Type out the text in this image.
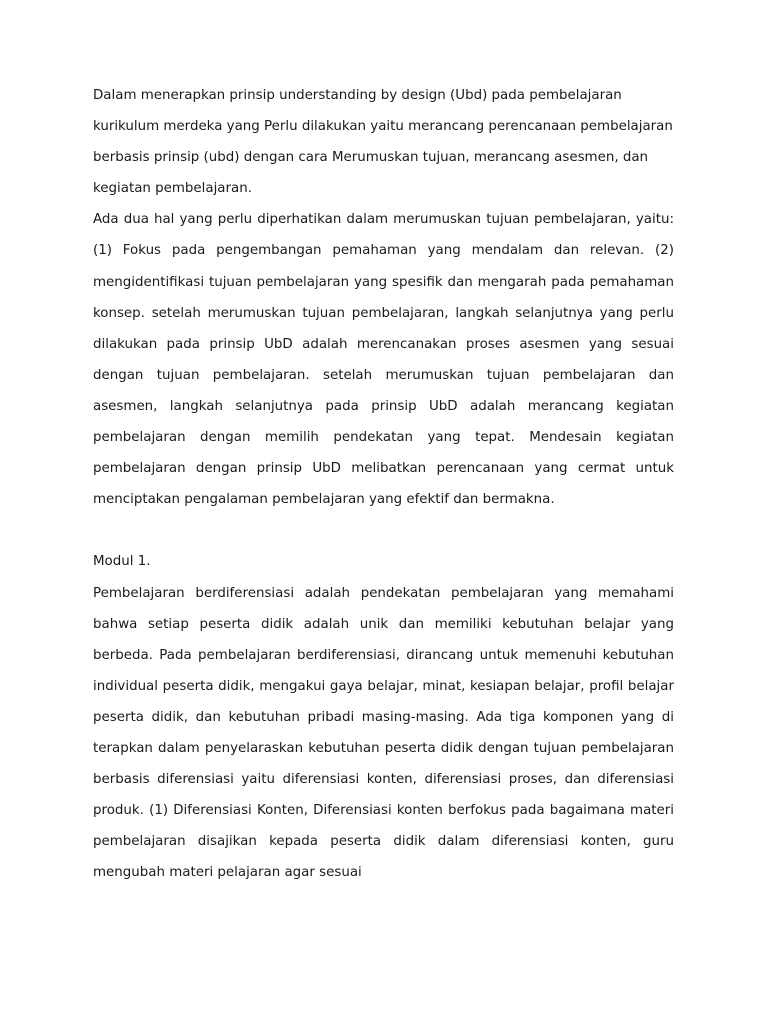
Dalam menerapkan prinsip understanding by design (Ubd) pada pembelajaran kurikulum merdeka yang Perlu dilakukan yaitu merancang perencanaan pembelajaran berbasis prinsip (ubd) dengan cara Merumuskan tujuan, merancang asesmen, dan kegiatan pembelajaran.

Ada dua hal yang perlu diperhatikan dalam merumuskan tujuan pembelajaran, yaitu: (1) Fokus pada pengembangan pemahaman yang mendalam dan relevan. (2) mengidentifikasi tujuan pembelajaran yang spesifik dan mengarah pada pemahaman konsep. setelah merumuskan tujuan pembelajaran, langkah selanjutnya yang perlu dilakukan pada prinsip UbD adalah merencanakan proses asesmen yang sesuai dengan tujuan pembelajaran. setelah merumuskan tujuan pembelajaran dan asesmen, langkah selanjutnya pada prinsip UbD adalah merancang kegiatan pembelajaran dengan memilih pendekatan yang tepat. Mendesain kegiatan pembelajaran dengan prinsip UbD melibatkan perencanaan yang cermat untuk menciptakan pengalaman pembelajaran yang efektif dan bermakna.

Modul 1.

Pembelajaran berdiferensiasi adalah pendekatan pembelajaran yang memahami bahwa setiap peserta didik adalah unik dan memiliki kebutuhan belajar yang berbeda. Pada pembelajaran berdiferensiasi, dirancang untuk memenuhi kebutuhan individual peserta didik, mengakui gaya belajar, minat, kesiapan belajar, profil belajar peserta didik, dan kebutuhan pribadi masing-masing. Ada tiga komponen yang di terapkan dalam penyelaraskan kebutuhan peserta didik dengan tujuan pembelajaran berbasis diferensiasi yaitu diferensiasi konten, diferensiasi proses, dan diferensiasi produk. (1) Diferensiasi Konten, Diferensiasi konten berfokus pada bagaimana materi pembelajaran disajikan kepada peserta didik dalam diferensiasi konten, guru mengubah materi pelajaran agar sesuai
